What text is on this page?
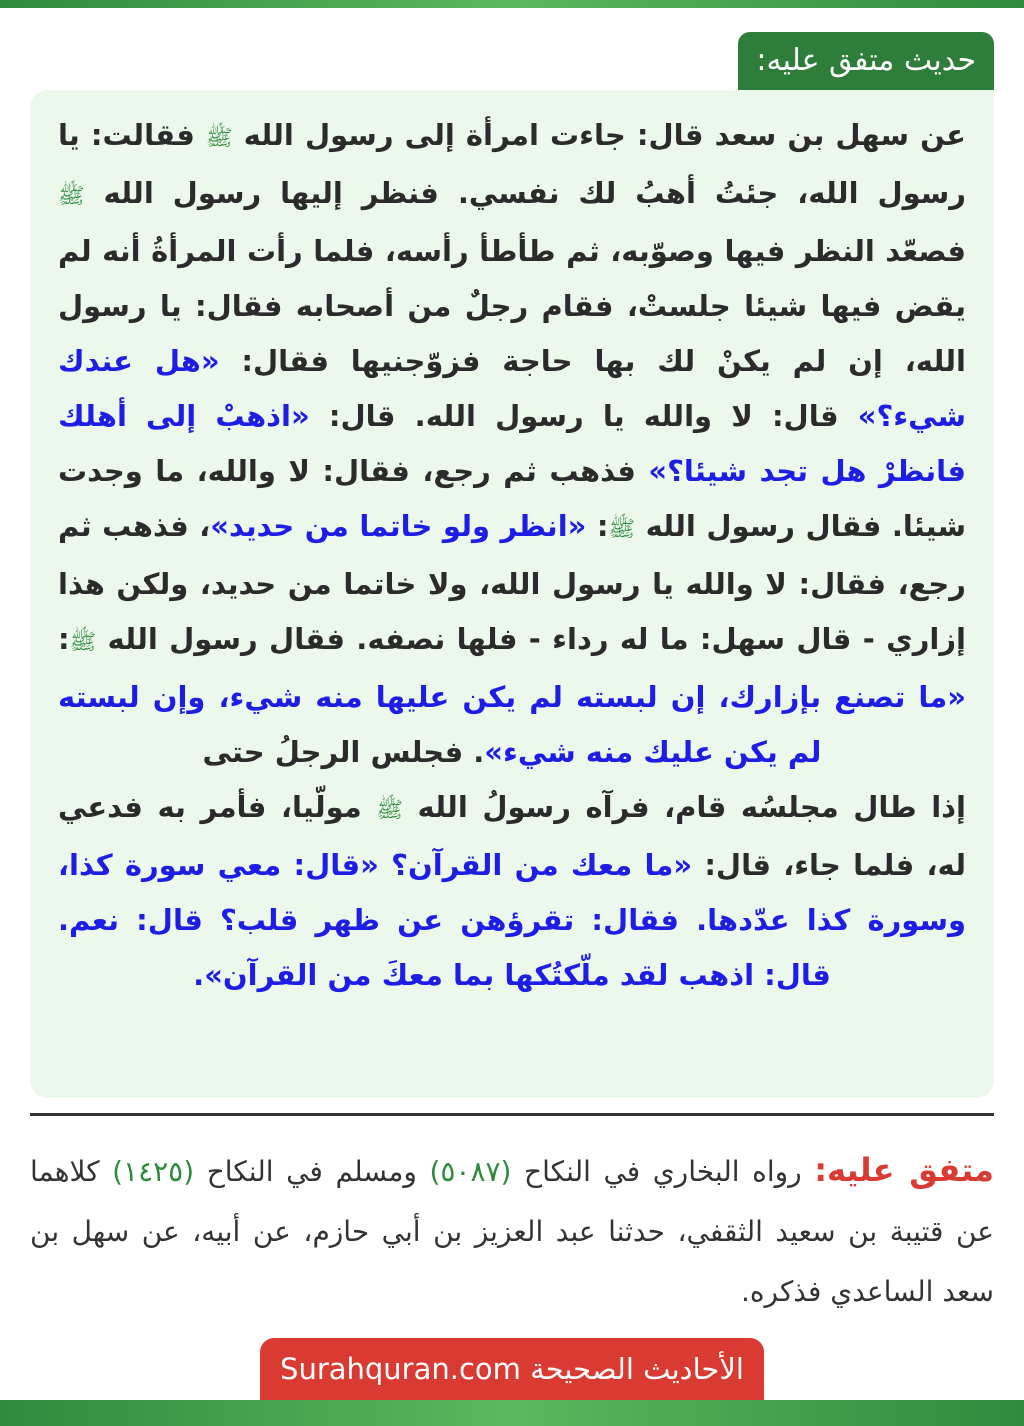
حديث متفق عليه:

عن سهل بن سعد قال: جاءت امرأة إلى رسول الله ﷺ فقالت: يا رسول الله، جئتُ أهبُ لك نفسي. فنظر إليها رسول الله ﷺ فصعّد النظر فيها وصوّبه، ثم طأطأ رأسه، فلما رأت المرأةُ أنه لم يقض فيها شيئا جلستْ، فقام رجلٌ من أصحابه فقال: يا رسول الله، إن لم يكنْ لك بها حاجة فزوّجنيها فقال: «هل عندك شيء؟» قال: لا والله يا رسول الله. قال: «اذهبْ إلى أهلك فانظرْ هل تجد شيئا؟» فذهب ثم رجع، فقال: لا والله، ما وجدت شيئا. فقال رسول الله ﷺ: «انظر ولو خاتما من حديد»، فذهب ثم رجع، فقال: لا والله يا رسول الله، ولا خاتما من حديد، ولكن هذا إزاري - قال سهل: ما له رداء - فلها نصفه. فقال رسول الله ﷺ: «ما تصنع بإزارك، إن لبسته لم يكن عليها منه شيء، وإن لبسته لم يكن عليك منه شيء». فجلس الرجلُ حتى
إذا طال مجلسُه قام، فرآه رسولُ الله ﷺ مولّيا، فأمر به فدعي له، فلما جاء، قال: «ما معك من القرآن؟ «قال: معي سورة كذا، وسورة كذا عدّدها. فقال: تقرؤهن عن ظهر قلب؟ قال: نعم. قال: اذهب لقد ملّكتُكها بما معكَ من القرآن».

متفق عليه: رواه البخاري في النكاح (٥٠٨٧) ومسلم في النكاح (١٤٢٥) كلاهما عن قتيبة بن سعيد الثقفي، حدثنا عبد العزيز بن أبي حازم، عن أبيه، عن سهل بن سعد الساعدي فذكره.

الأحاديث الصحيحة Surahquran.com
